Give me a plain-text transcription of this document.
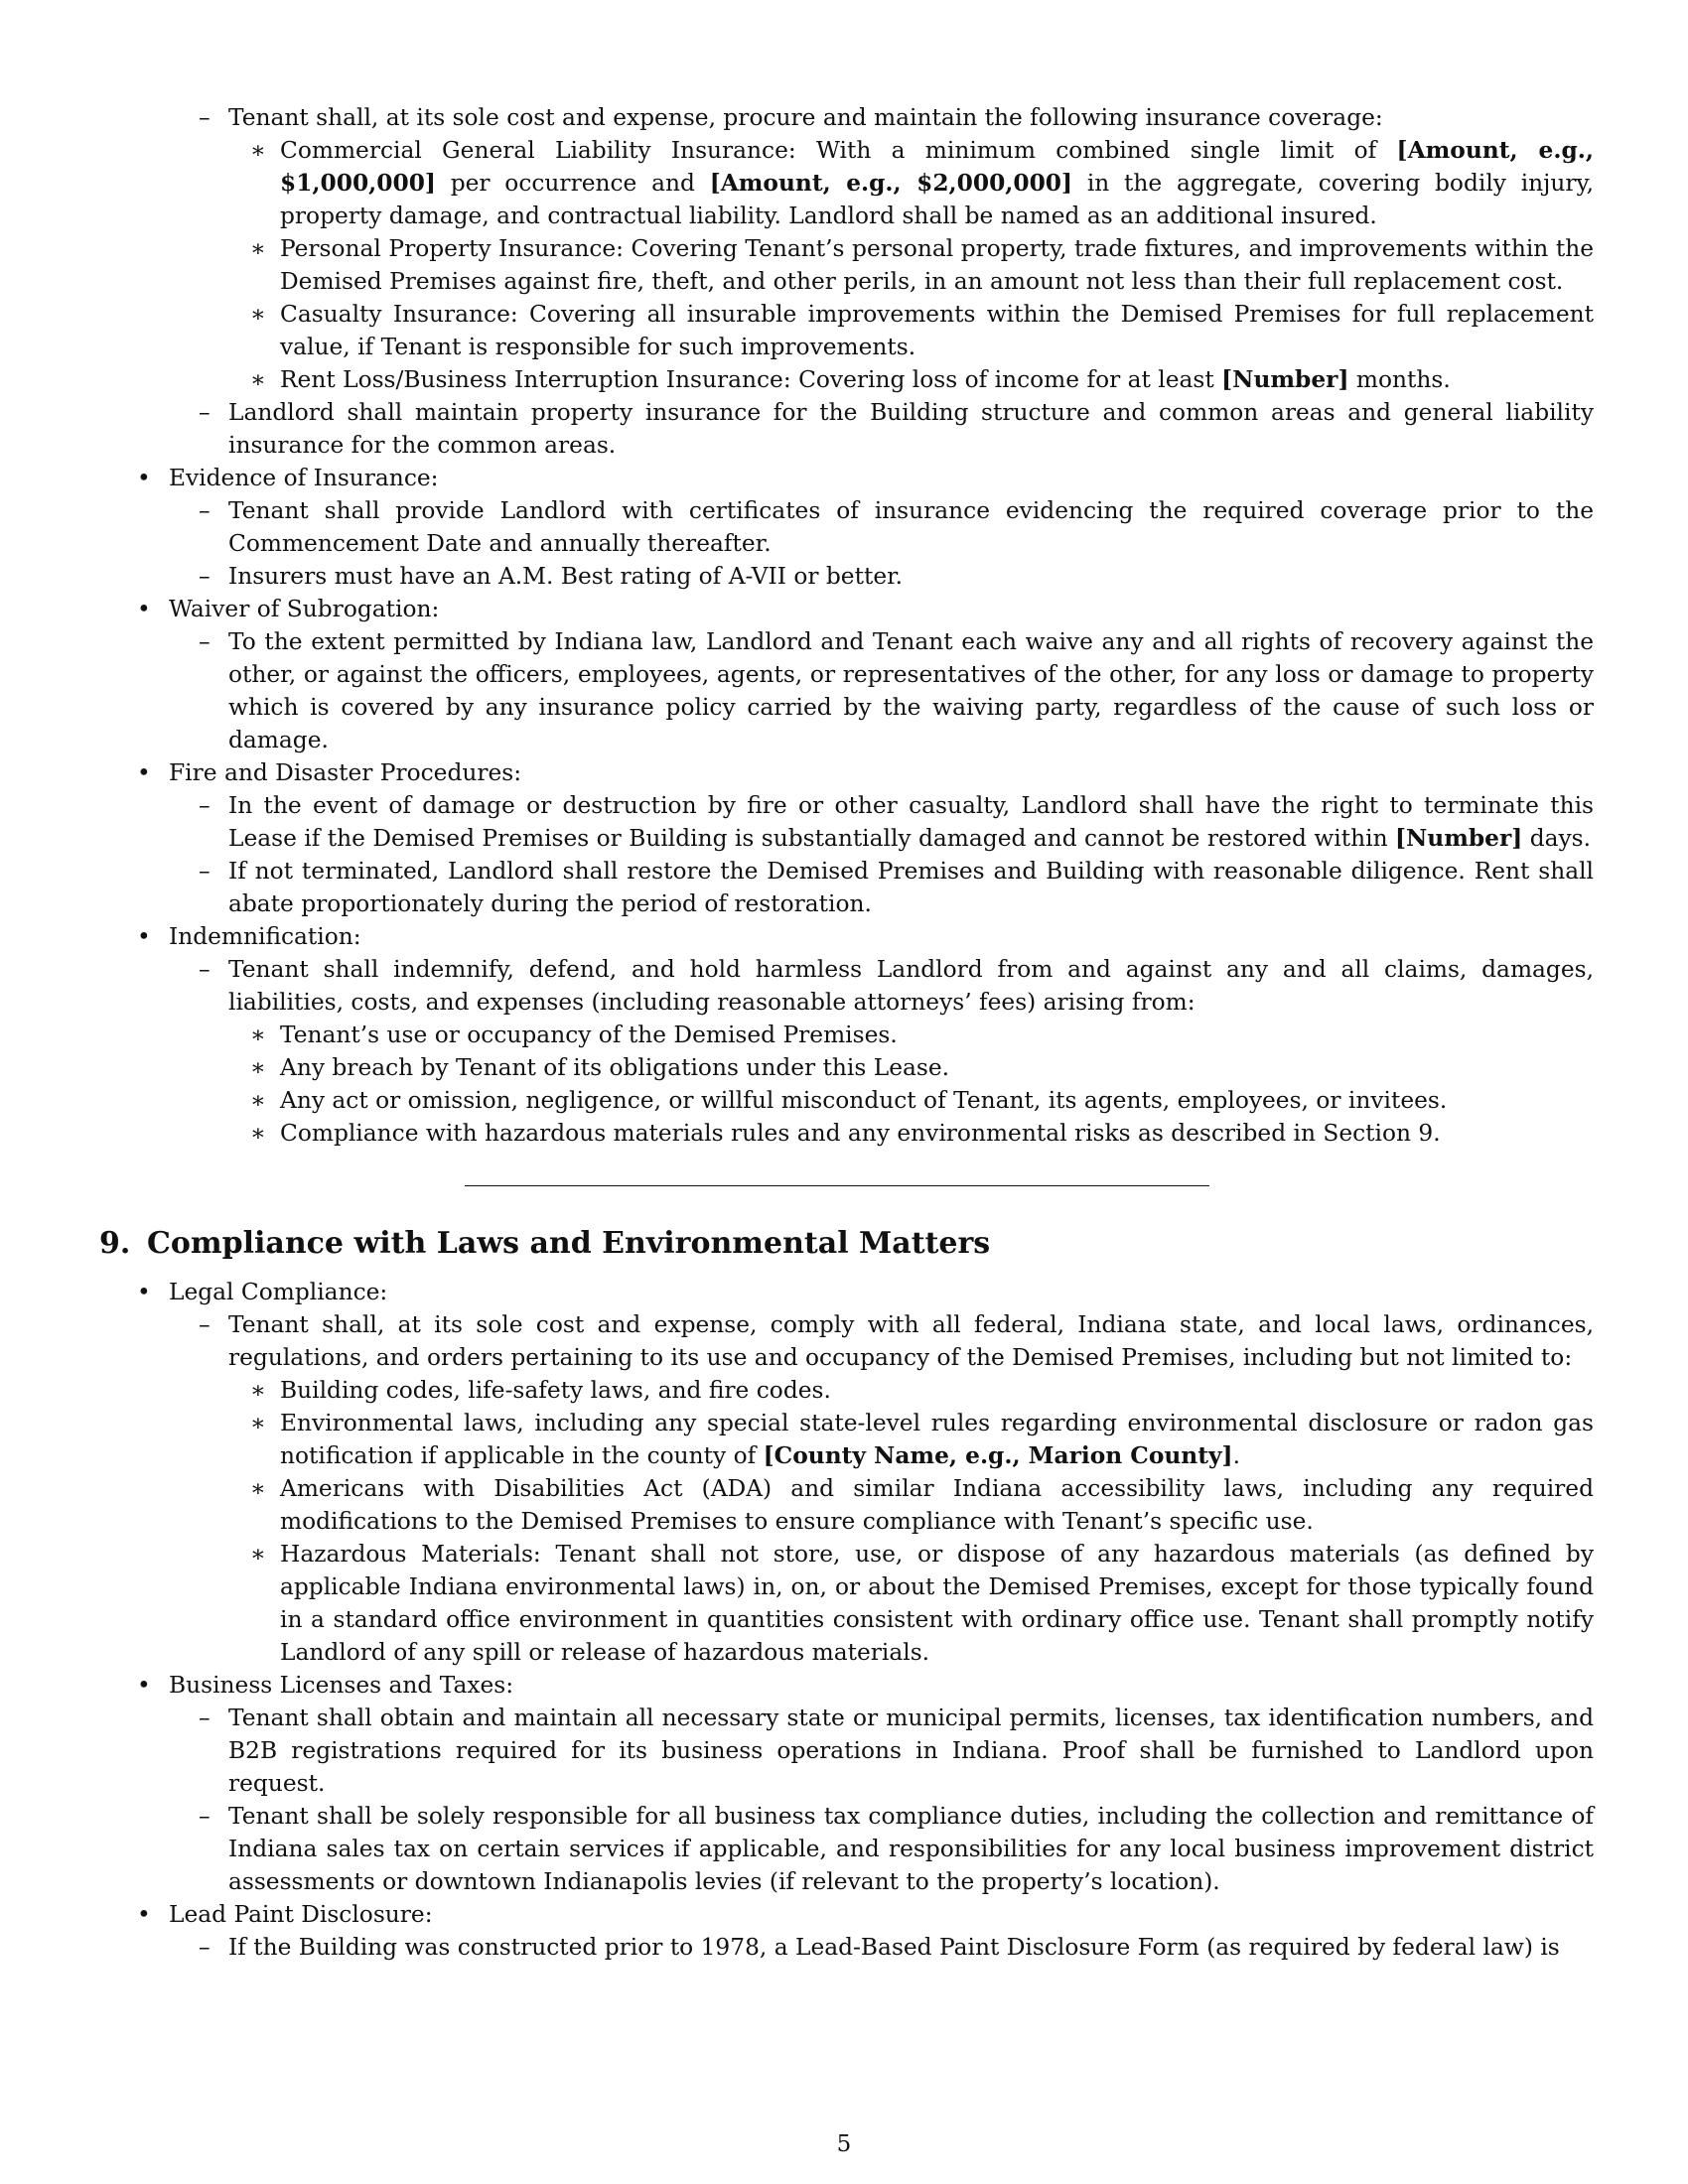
– Tenant shall, at its sole cost and expense, procure and maintain the following insurance coverage:

∗ Commercial General Liability Insurance: With a minimum combined single limit of [Amount, e.g., $1,000,000] per occurrence and [Amount, e.g., $2,000,000] in the aggregate, covering bodily injury, property damage, and contractual liability. Landlord shall be named as an additional insured.

∗ Personal Property Insurance: Covering Tenant’s personal property, trade fixtures, and improvements within the Demised Premises against fire, theft, and other perils, in an amount not less than their full replacement cost.

∗ Casualty Insurance: Covering all insurable improvements within the Demised Premises for full replacement value, if Tenant is responsible for such improvements.

∗ Rent Loss/Business Interruption Insurance: Covering loss of income for at least [Number] months.

– Landlord shall maintain property insurance for the Building structure and common areas and general liability insurance for the common areas.

• Evidence of Insurance:

– Tenant shall provide Landlord with certificates of insurance evidencing the required coverage prior to the Commencement Date and annually thereafter.

– Insurers must have an A.M. Best rating of A-VII or better.

• Waiver of Subrogation:

– To the extent permitted by Indiana law, Landlord and Tenant each waive any and all rights of recovery against the other, or against the officers, employees, agents, or representatives of the other, for any loss or damage to property which is covered by any insurance policy carried by the waiving party, regardless of the cause of such loss or damage.

• Fire and Disaster Procedures:

– In the event of damage or destruction by fire or other casualty, Landlord shall have the right to terminate this Lease if the Demised Premises or Building is substantially damaged and cannot be restored within [Number] days.

– If not terminated, Landlord shall restore the Demised Premises and Building with reasonable diligence. Rent shall abate proportionately during the period of restoration.

• Indemnification:

– Tenant shall indemnify, defend, and hold harmless Landlord from and against any and all claims, damages, liabilities, costs, and expenses (including reasonable attorneys’ fees) arising from:

∗ Tenant’s use or occupancy of the Demised Premises.

∗ Any breach by Tenant of its obligations under this Lease.

∗ Any act or omission, negligence, or willful misconduct of Tenant, its agents, employees, or invitees.

∗ Compliance with hazardous materials rules and any environmental risks as described in Section 9.

9. Compliance with Laws and Environmental Matters

• Legal Compliance:

– Tenant shall, at its sole cost and expense, comply with all federal, Indiana state, and local laws, ordinances, regulations, and orders pertaining to its use and occupancy of the Demised Premises, including but not limited to:

∗ Building codes, life-safety laws, and fire codes.

∗ Environmental laws, including any special state-level rules regarding environmental disclosure or radon gas notification if applicable in the county of [County Name, e.g., Marion County].

∗ Americans with Disabilities Act (ADA) and similar Indiana accessibility laws, including any required modifications to the Demised Premises to ensure compliance with Tenant’s specific use.

∗ Hazardous Materials: Tenant shall not store, use, or dispose of any hazardous materials (as defined by applicable Indiana environmental laws) in, on, or about the Demised Premises, except for those typically found in a standard office environment in quantities consistent with ordinary office use. Tenant shall promptly notify Landlord of any spill or release of hazardous materials.

• Business Licenses and Taxes:

– Tenant shall obtain and maintain all necessary state or municipal permits, licenses, tax identification numbers, and B2B registrations required for its business operations in Indiana. Proof shall be furnished to Landlord upon request.

– Tenant shall be solely responsible for all business tax compliance duties, including the collection and remittance of Indiana sales tax on certain services if applicable, and responsibilities for any local business improvement district assessments or downtown Indianapolis levies (if relevant to the property’s location).

• Lead Paint Disclosure:

– If the Building was constructed prior to 1978, a Lead-Based Paint Disclosure Form (as required by federal law) is

5
